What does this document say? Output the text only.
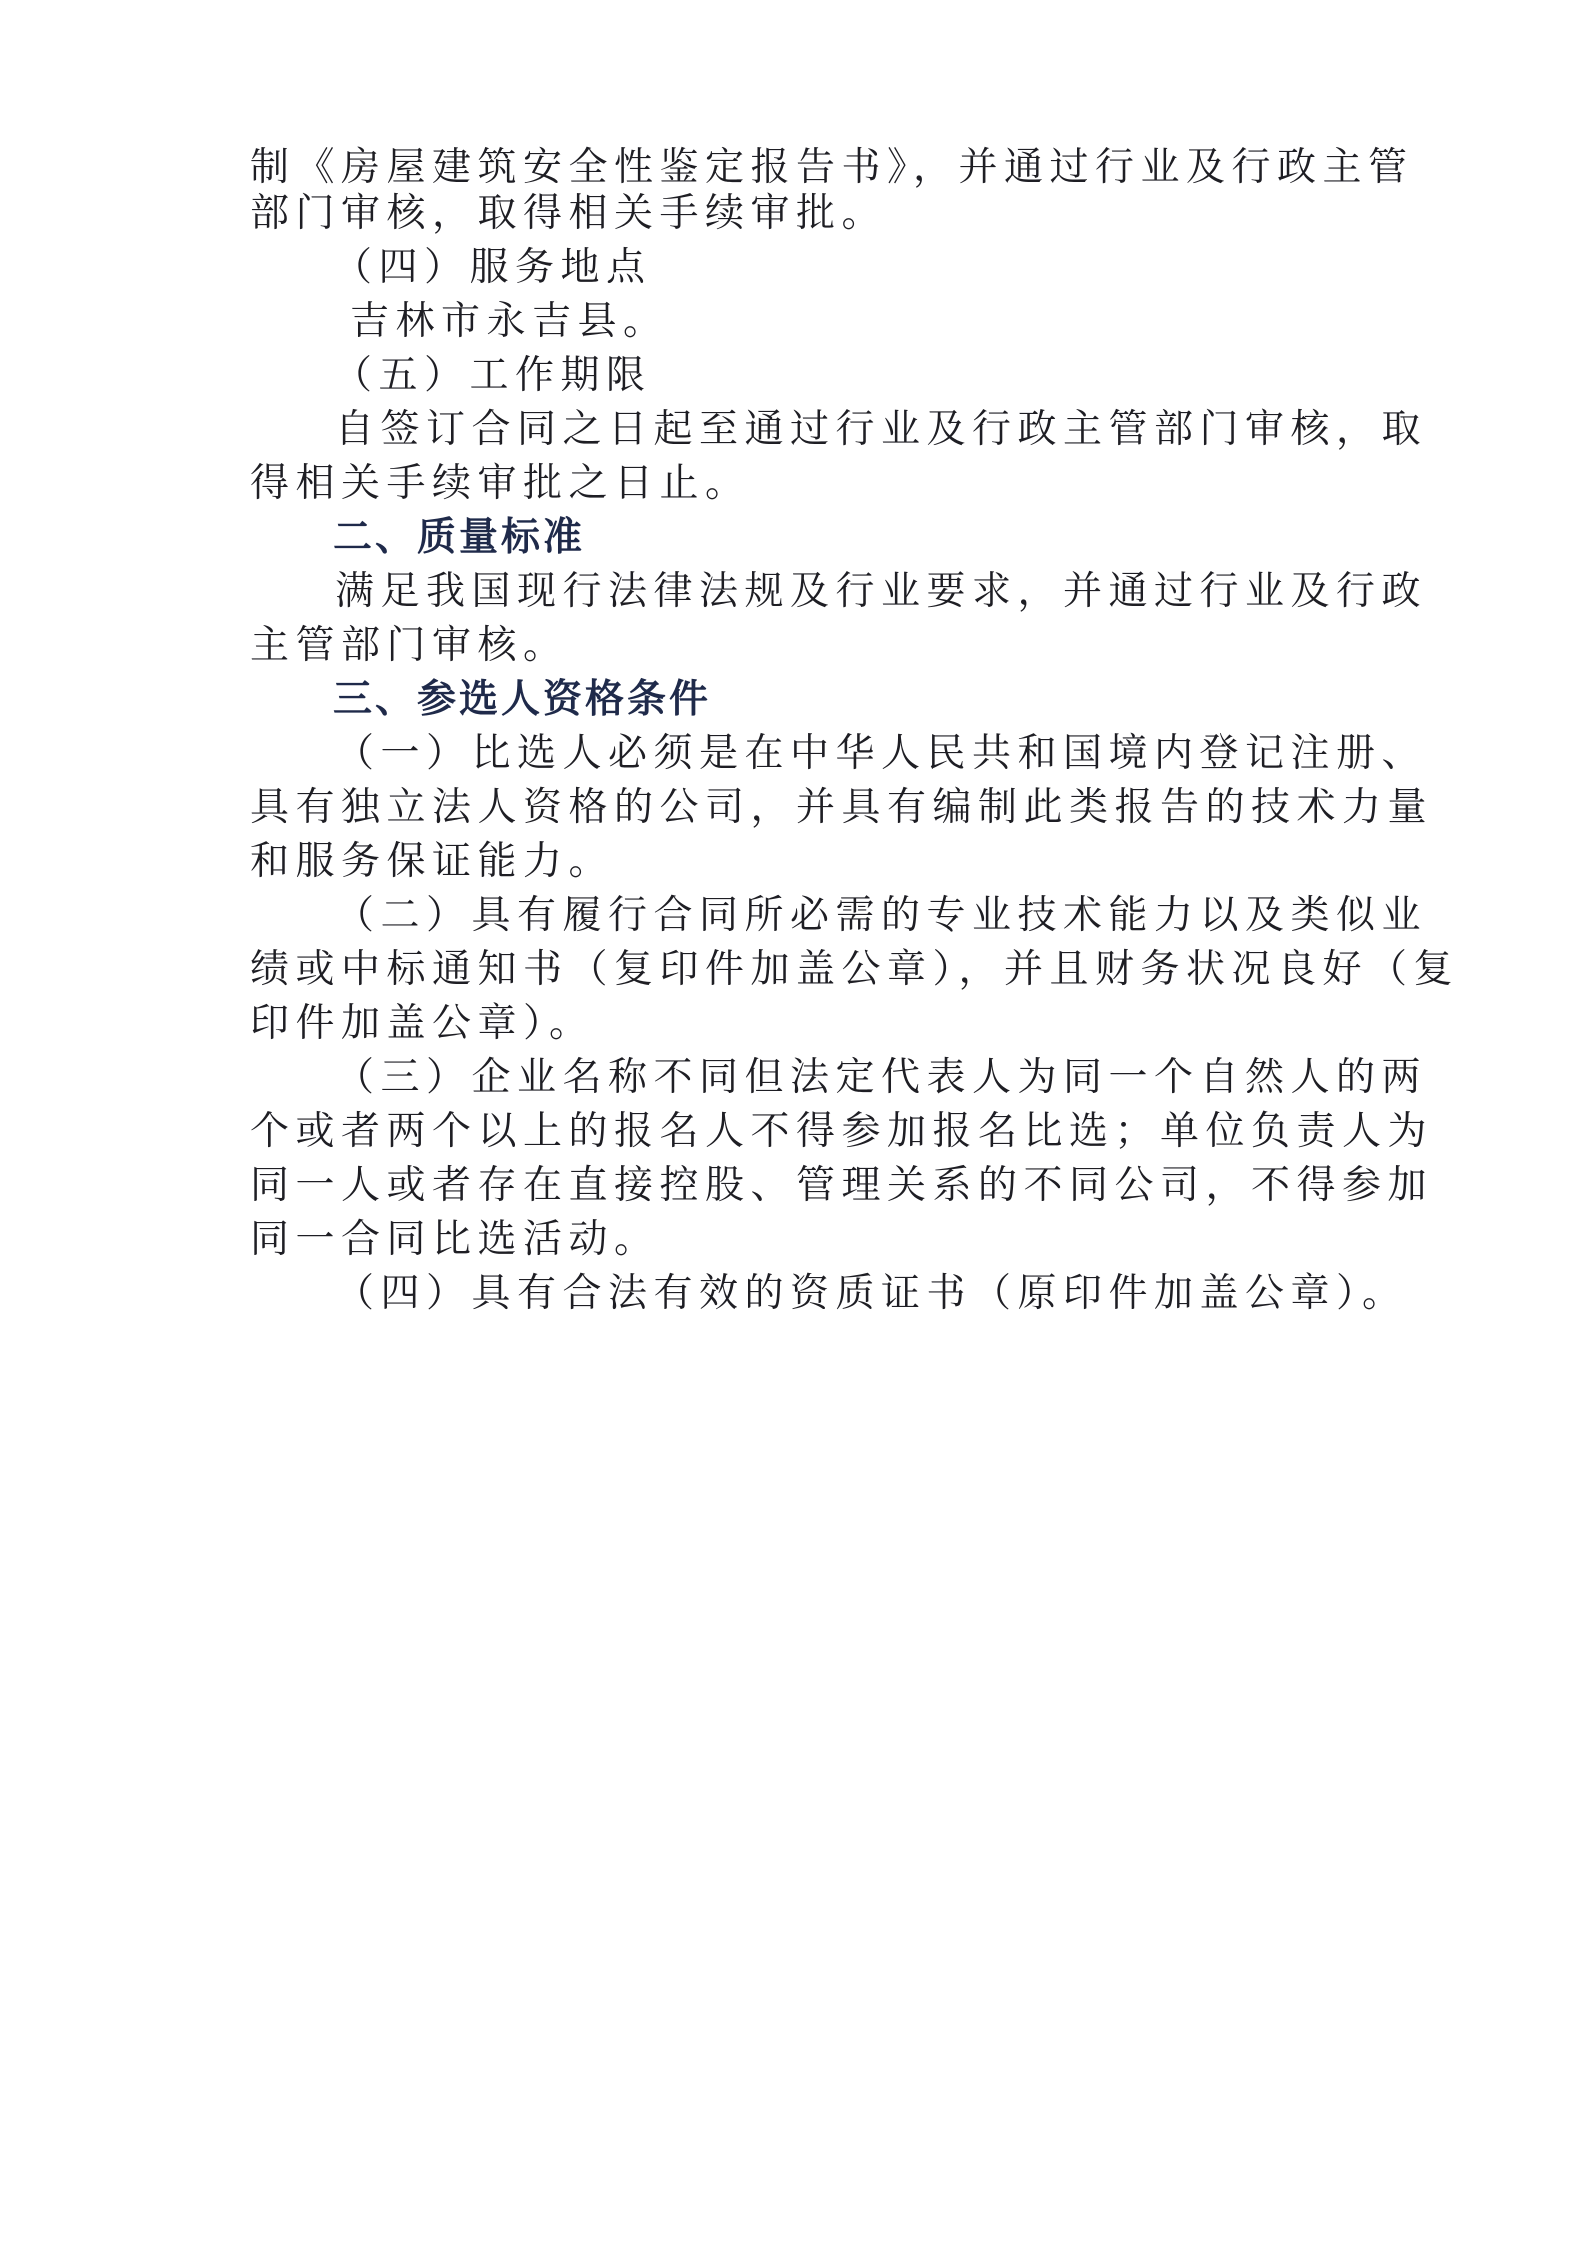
制《房屋建筑安全性鉴定报告书》，并通过行业及行政主管
部门审核，取得相关手续审批。
（四）服务地点
吉林市永吉县。
（五）工作期限
自签订合同之日起至通过行业及行政主管部门审核，取
得相关手续审批之日止。
二、质量标准
满足我国现行法律法规及行业要求，并通过行业及行政
主管部门审核。
三、参选人资格条件
（一）比选人必须是在中华人民共和国境内登记注册、
具有独立法人资格的公司，并具有编制此类报告的技术力量
和服务保证能力。
（二）具有履行合同所必需的专业技术能力以及类似业
绩或中标通知书（复印件加盖公章），并且财务状况良好（复
印件加盖公章）。
（三）企业名称不同但法定代表人为同一个自然人的两
个或者两个以上的报名人不得参加报名比选；单位负责人为
同一人或者存在直接控股、管理关系的不同公司，不得参加
同一合同比选活动。
（四）具有合法有效的资质证书（原印件加盖公章）。
